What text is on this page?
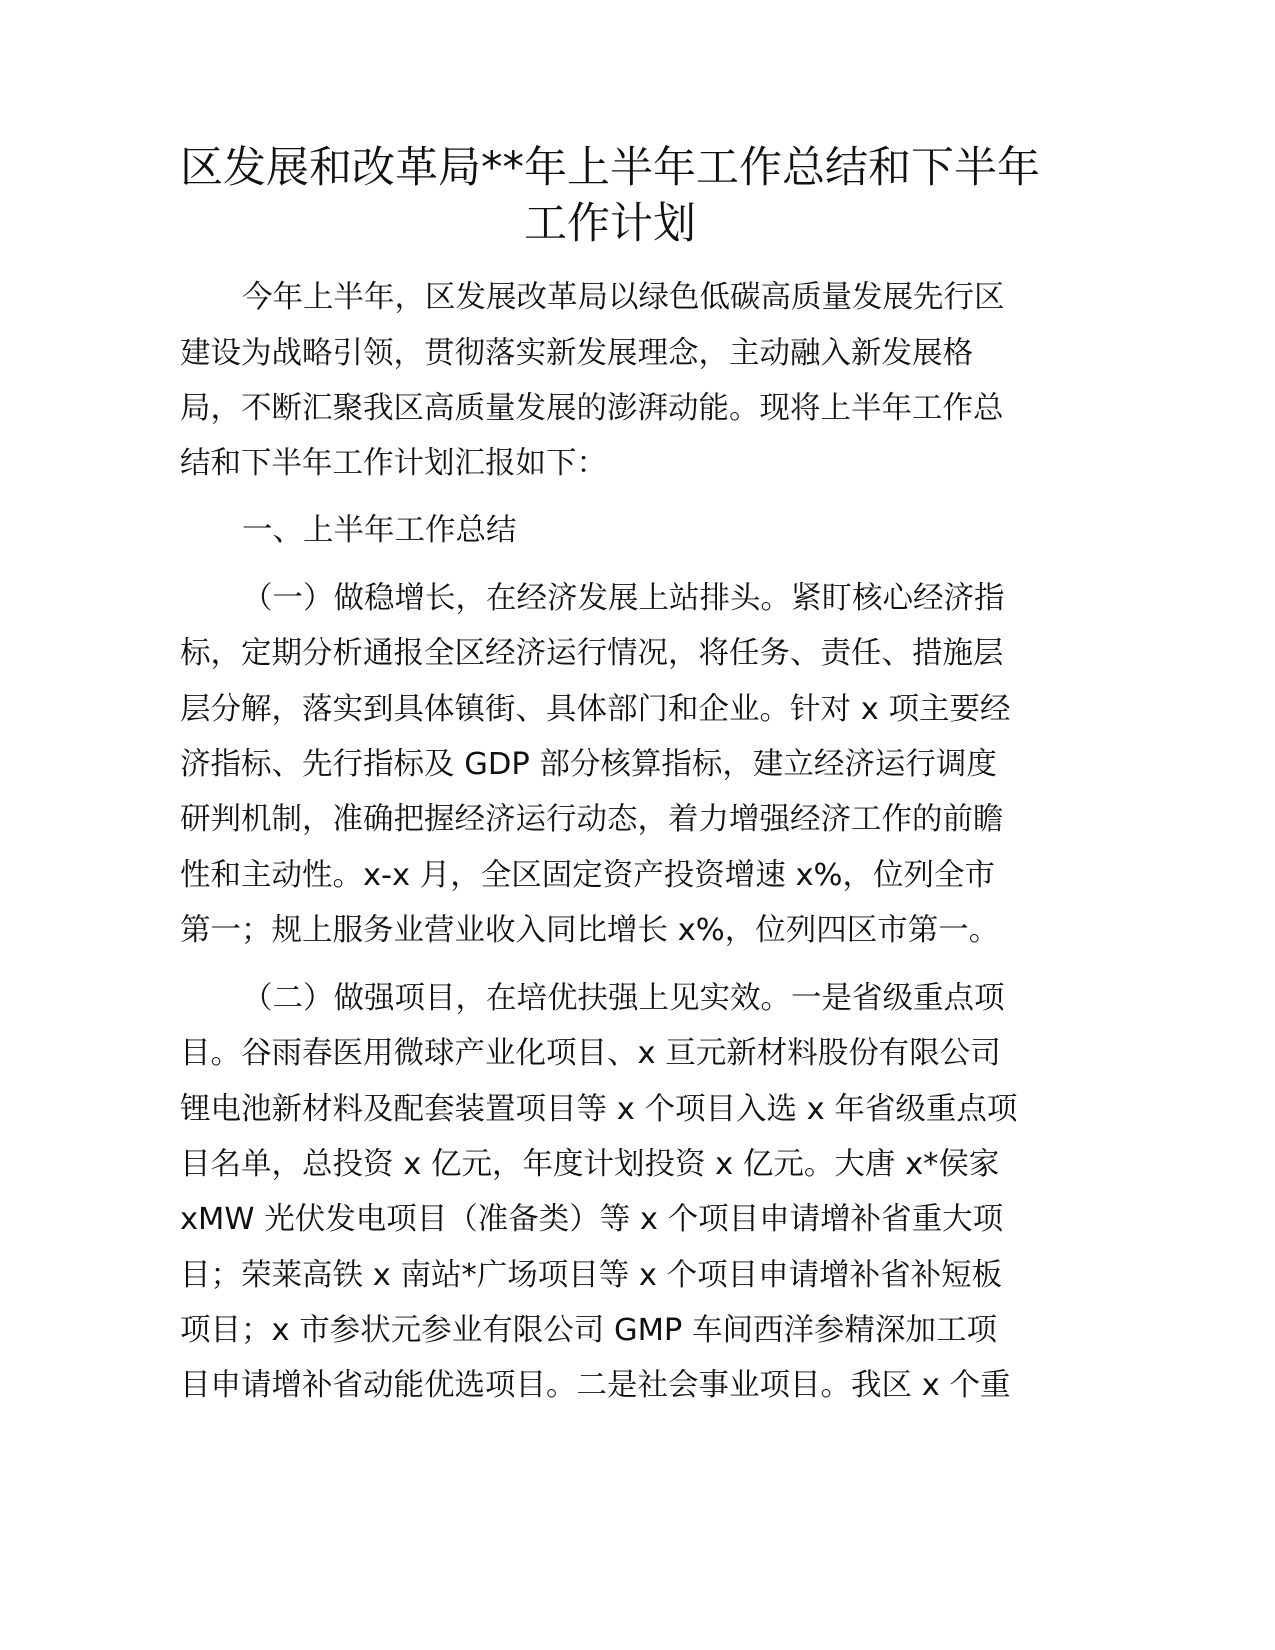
区发展和改革局**年上半年工作总结和下半年
工作计划
今年上半年，区发展改革局以绿色低碳高质量发展先行区
建设为战略引领，贯彻落实新发展理念，主动融入新发展格
局，不断汇聚我区高质量发展的澎湃动能。现将上半年工作总
结和下半年工作计划汇报如下：
一、上半年工作总结
（一）做稳增长，在经济发展上站排头。紧盯核心经济指
标，定期分析通报全区经济运行情况，将任务、责任、措施层
层分解，落实到具体镇街、具体部门和企业。针对 x 项主要经
济指标、先行指标及 GDP 部分核算指标，建立经济运行调度
研判机制，准确把握经济运行动态，着力增强经济工作的前瞻
性和主动性。x-x 月，全区固定资产投资增速 x%，位列全市
第一；规上服务业营业收入同比增长 x%，位列四区市第一。
（二）做强项目，在培优扶强上见实效。一是省级重点项
目。谷雨春医用微球产业化项目、x 亘元新材料股份有限公司
锂电池新材料及配套装置项目等 x 个项目入选 x 年省级重点项
目名单，总投资 x 亿元，年度计划投资 x 亿元。大唐 x*侯家
xMW 光伏发电项目（准备类）等 x 个项目申请增补省重大项
目；荣莱高铁 x 南站*广场项目等 x 个项目申请增补省补短板
项目；x 市参状元参业有限公司 GMP 车间西洋参精深加工项
目申请增补省动能优选项目。二是社会事业项目。我区 x 个重
